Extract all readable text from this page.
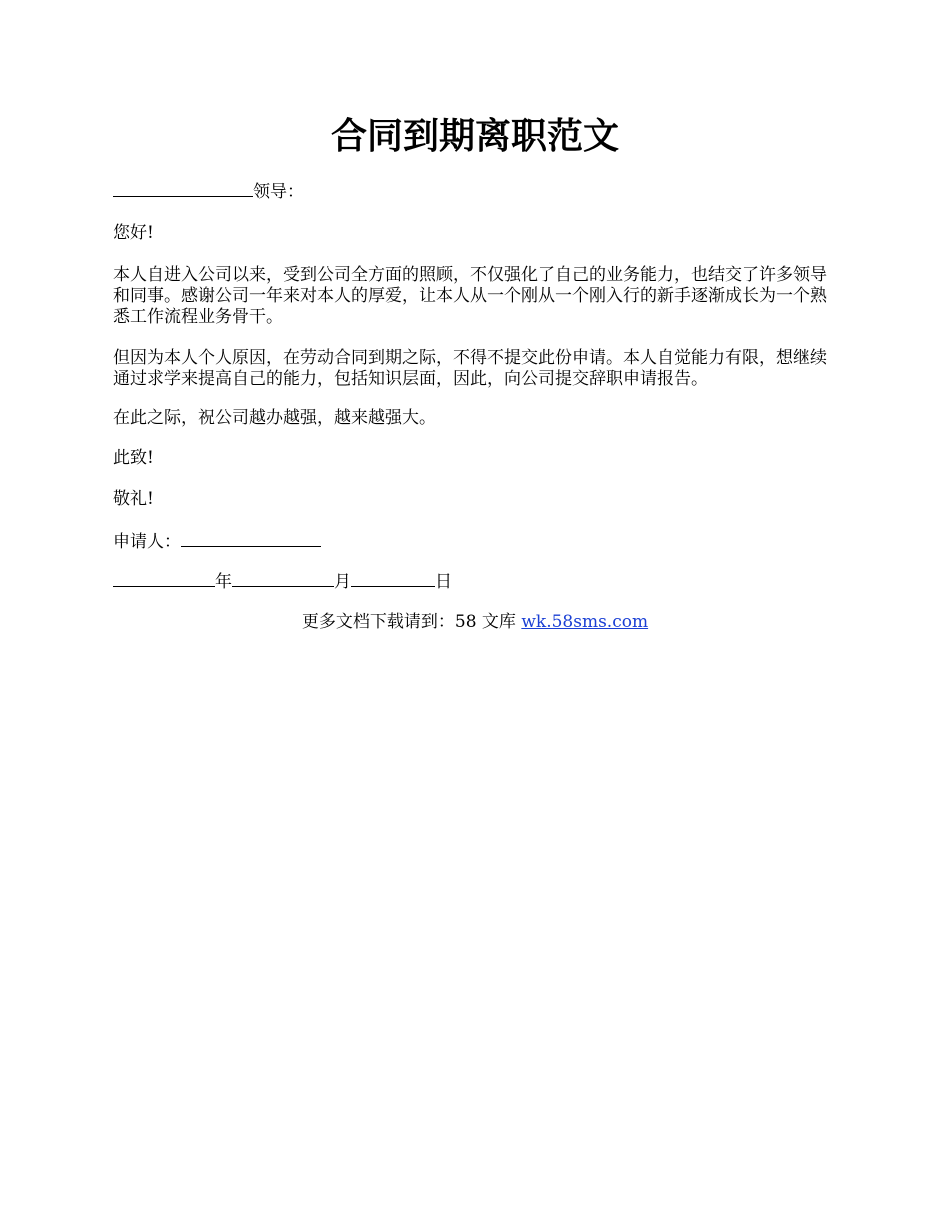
合同到期离职范文

领导：

您好!

本人自进入公司以来，受到公司全方面的照顾，不仅强化了自己的业务能力，也结交了许多领导和同事。感谢公司一年来对本人的厚爱，让本人从一个刚从一个刚入行的新手逐渐成长为一个熟悉工作流程业务骨干。

但因为本人个人原因，在劳动合同到期之际，不得不提交此份申请。本人自觉能力有限，想继续通过求学来提高自己的能力，包括知识层面，因此，向公司提交辞职申请报告。

在此之际，祝公司越办越强，越来越强大。

此致!

敬礼!

申请人：

年	月	日

更多文档下载请到：58 文库 wk.58sms.com
